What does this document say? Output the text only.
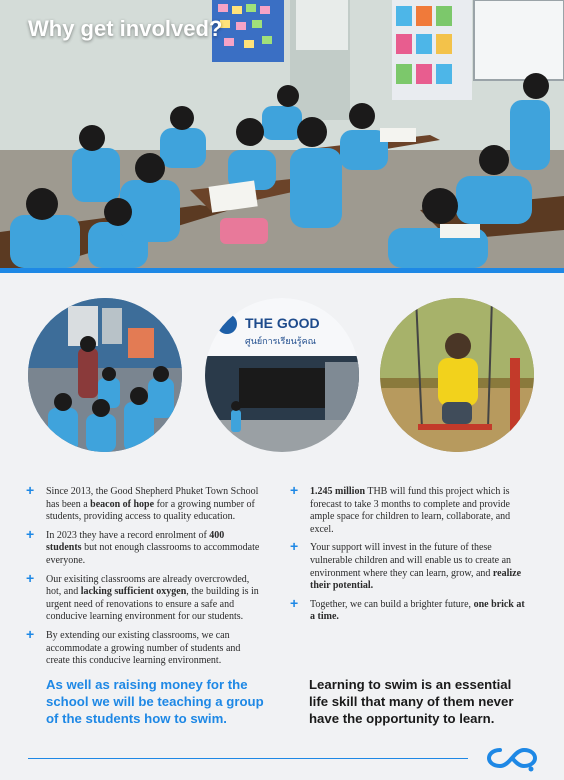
Why get involved?
THE GOOD
ศูนย์การเรียนรู้คณ
+ Since 2013, the Good Shepherd Phuket Town School has been a beacon of hope for a growing number of students, providing access to quality education.
+ In 2023 they have a record enrolment of 400 students but not enough classrooms to accommodate everyone.
+ Our exisiting classrooms are already overcrowded, hot, and lacking sufficient oxygen, the building is in urgent need of renovations to ensure a safe and conducive learning environment for our students.
+ By extending our existing classrooms, we can accommodate a growing number of students and create this conducive learning environment.
+ 1.245 million THB will fund this project which is forecast to take 3 months to complete and provide ample space for children to learn, collaborate, and excel.
+ Your support will invest in the future of these vulnerable children and will enable us to create an environment where they can learn, grow, and realize their potential.
+ Together, we can build a brighter future, one brick at a time.

As well as raising money for the school we will be teaching a group of the students how to swim.

Learning to swim is an essential life skill that many of them never have the opportunity to learn.
